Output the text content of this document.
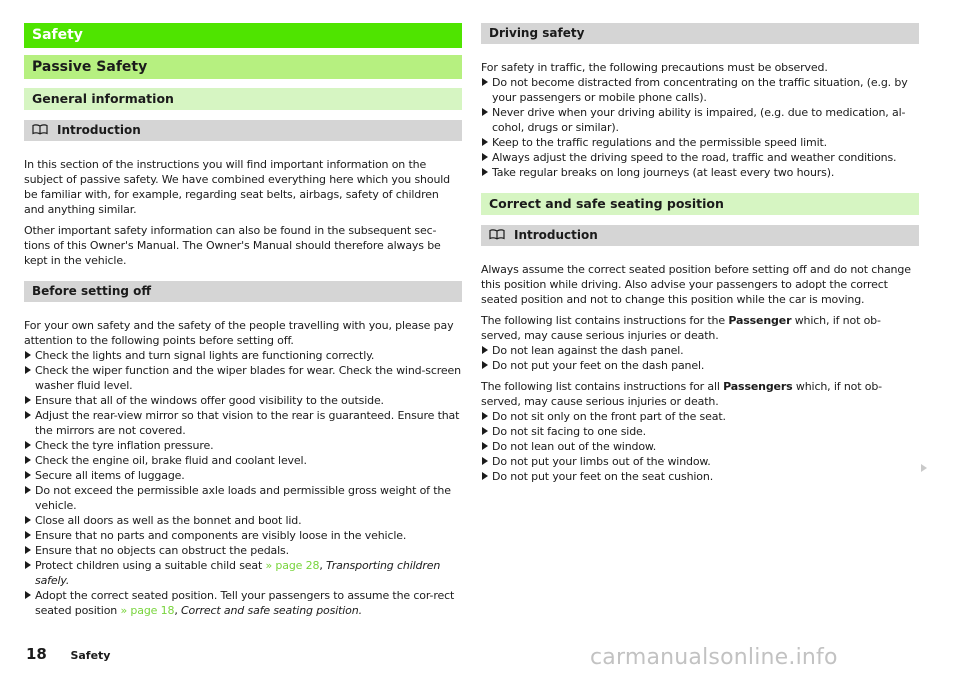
Safety
Passive Safety
General information
Introduction

In this section of the instructions you will find important information on the subject of passive safety. We have combined everything here which you should be familiar with, for example, regarding seat belts, airbags, safety of children and anything similar.

Other important safety information can also be found in the subsequent sec-tions of this Owner's Manual. The Owner's Manual should therefore always be kept in the vehicle.

Before setting off

For your own safety and the safety of the people travelling with you, please pay attention to the following points before setting off.

Check the lights and turn signal lights are functioning correctly.
Check the wiper function and the wiper blades for wear. Check the wind-screen washer fluid level.
Ensure that all of the windows offer good visibility to the outside.
Adjust the rear-view mirror so that vision to the rear is guaranteed. Ensure that the mirrors are not covered.
Check the tyre inflation pressure.
Check the engine oil, brake fluid and coolant level.
Secure all items of luggage.
Do not exceed the permissible axle loads and permissible gross weight of the vehicle.
Close all doors as well as the bonnet and boot lid.
Ensure that no parts and components are visibly loose in the vehicle.
Ensure that no objects can obstruct the pedals.
Protect children using a suitable child seat » page 28, Transporting children safely.
Adopt the correct seated position. Tell your passengers to assume the cor-rect seated position » page 18, Correct and safe seating position.
Driving safety

For safety in traffic, the following precautions must be observed.

Do not become distracted from concentrating on the traffic situation, (e.g. by your passengers or mobile phone calls).
Never drive when your driving ability is impaired, (e.g. due to medication, al-cohol, drugs or similar).
Keep to the traffic regulations and the permissible speed limit.
Always adjust the driving speed to the road, traffic and weather conditions.
Take regular breaks on long journeys (at least every two hours).
Correct and safe seating position
Introduction

Always assume the correct seated position before setting off and do not change this position while driving. Also advise your passengers to adopt the correct seated position and not to change this position while the car is moving.

The following list contains instructions for the Passenger which, if not ob-served, may cause serious injuries or death.

Do not lean against the dash panel.
Do not put your feet on the dash panel.

The following list contains instructions for all Passengers which, if not ob-served, may cause serious injuries or death.

Do not sit only on the front part of the seat.
Do not sit facing to one side.
Do not lean out of the window.
Do not put your limbs out of the window.
Do not put your feet on the seat cushion.
18 Safety	carmanualsonline.info
